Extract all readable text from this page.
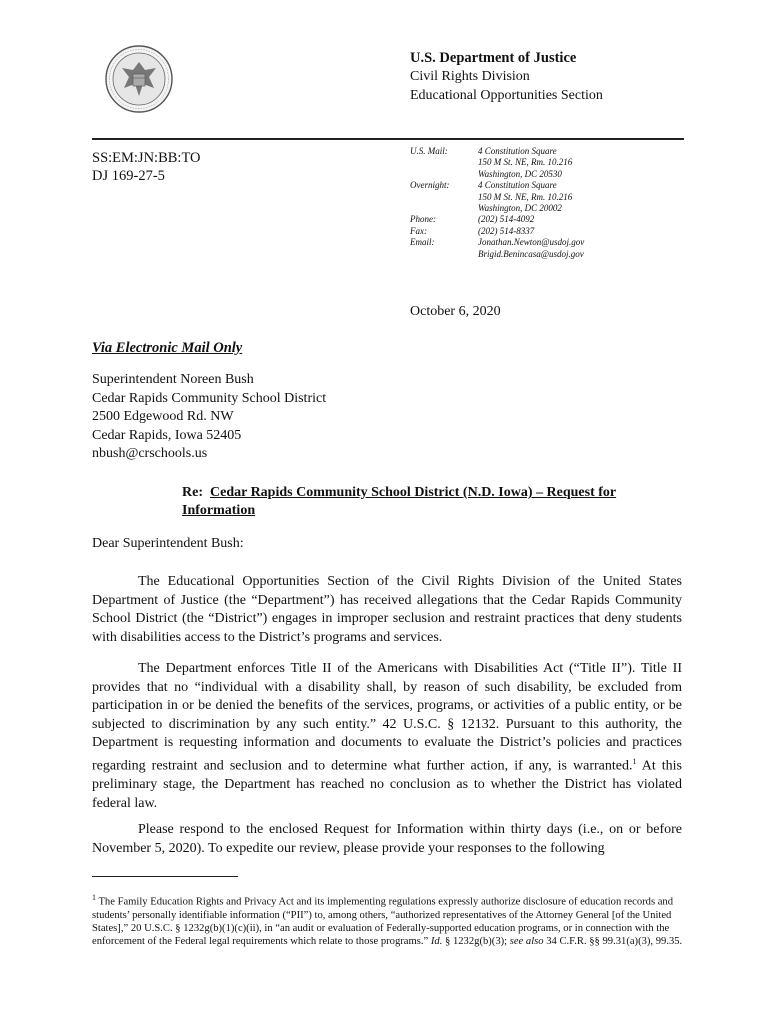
U.S. Department of Justice
Civil Rights Division
Educational Opportunities Section
SS:EM:JN:BB:TO
DJ 169-27-5
U.S. Mail:	4 Constitution Square
150 M St. NE, Rm. 10.216
Washington, DC 20530
Overnight:	4 Constitution Square
150 M St. NE, Rm. 10.216
Washington, DC 20002
Phone:	(202) 514-4092
Fax:	(202) 514-8337
Email:	Jonathan.Newton@usdoj.gov
Brigid.Benincasa@usdoj.gov
October 6, 2020
Via Electronic Mail Only
Superintendent Noreen Bush
Cedar Rapids Community School District
2500 Edgewood Rd. NW
Cedar Rapids, Iowa 52405
nbush@crschools.us
Re: Cedar Rapids Community School District (N.D. Iowa) – Request for
Information
Dear Superintendent Bush:
The Educational Opportunities Section of the Civil Rights Division of the United States Department of Justice (the “Department”) has received allegations that the Cedar Rapids Community School District (the “District”) engages in improper seclusion and restraint practices that deny students with disabilities access to the District’s programs and services.
The Department enforces Title II of the Americans with Disabilities Act (“Title II”). Title II provides that no “individual with a disability shall, by reason of such disability, be excluded from participation in or be denied the benefits of the services, programs, or activities of a public entity, or be subjected to discrimination by any such entity.” 42 U.S.C. § 12132. Pursuant to this authority, the Department is requesting information and documents to evaluate the District’s policies and practices regarding restraint and seclusion and to determine what further action, if any, is warranted.$^1$ At this preliminary stage, the Department has reached no conclusion as to whether the District has violated federal law.
Please respond to the enclosed Request for Information within thirty days (i.e., on or before November 5, 2020). To expedite our review, please provide your responses to the following
$^1$ The Family Education Rights and Privacy Act and its implementing regulations expressly authorize disclosure of education records and students’ personally identifiable information (“PII”) to, among others, “authorized representatives of the Attorney General [of the United States],” 20 U.S.C. § 1232g(b)(1)(c)(ii), in “an audit or evaluation of Federally-supported education programs, or in connection with the enforcement of the Federal legal requirements which relate to those programs.” Id. § 1232g(b)(3); see also 34 C.F.R. §§ 99.31(a)(3), 99.35.
